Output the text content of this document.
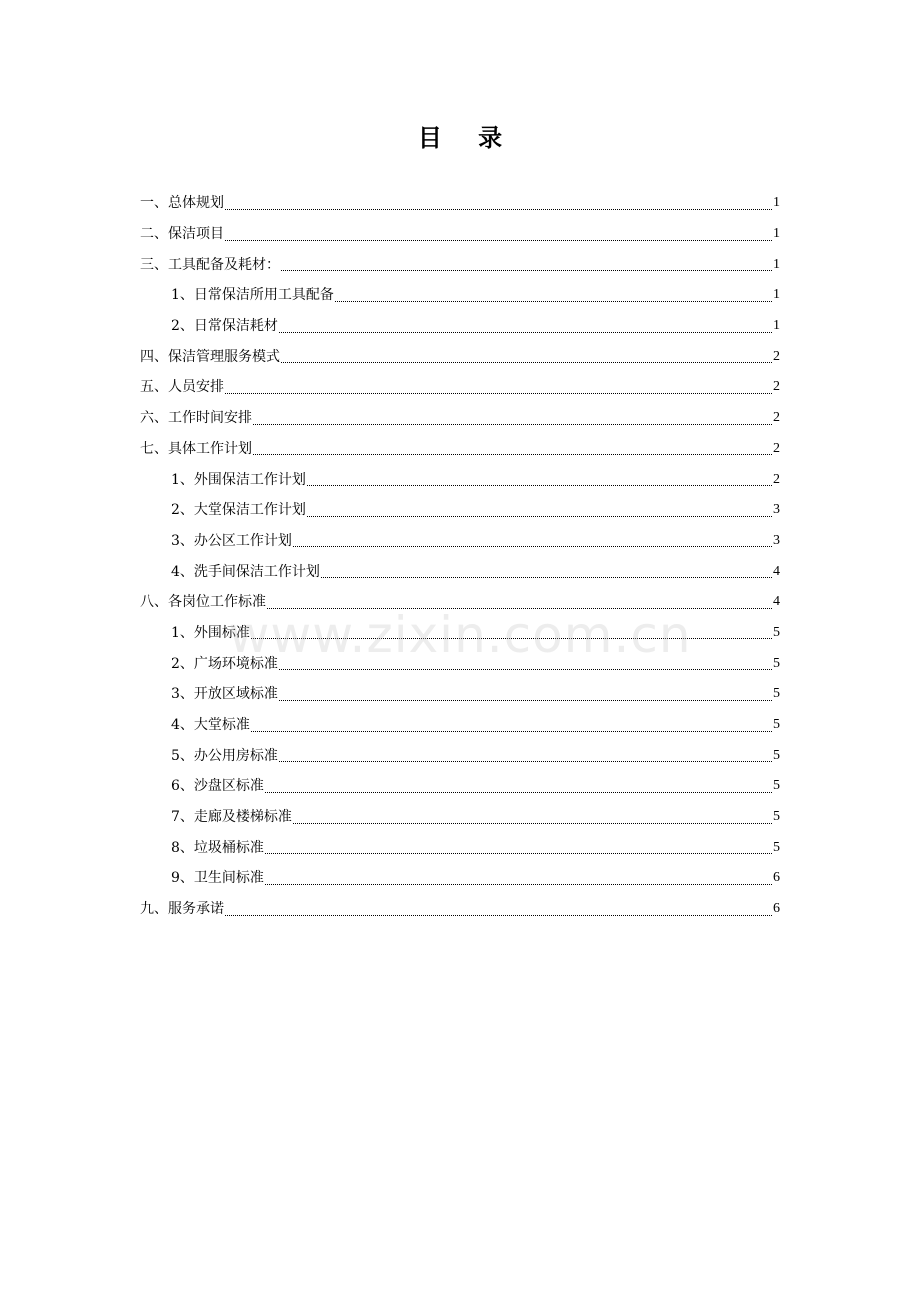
目 录
一、总体规划	1
二、保洁项目	1
三、工具配备及耗材：	1
1、日常保洁所用工具配备	1
2、日常保洁耗材	1
四、保洁管理服务模式	2
五、人员安排	2
六、工作时间安排	2
七、具体工作计划	2
1、外围保洁工作计划	2
2、大堂保洁工作计划	3
3、办公区工作计划	3
4、洗手间保洁工作计划	4
八、各岗位工作标准	4
1、外围标准	5
2、广场环境标准	5
3、开放区域标准	5
4、大堂标准	5
5、办公用房标准	5
6、沙盘区标准	5
7、走廊及楼梯标准	5
8、垃圾桶标准	5
9、卫生间标准	6
九、服务承诺	6
www.zixin.com.cn
